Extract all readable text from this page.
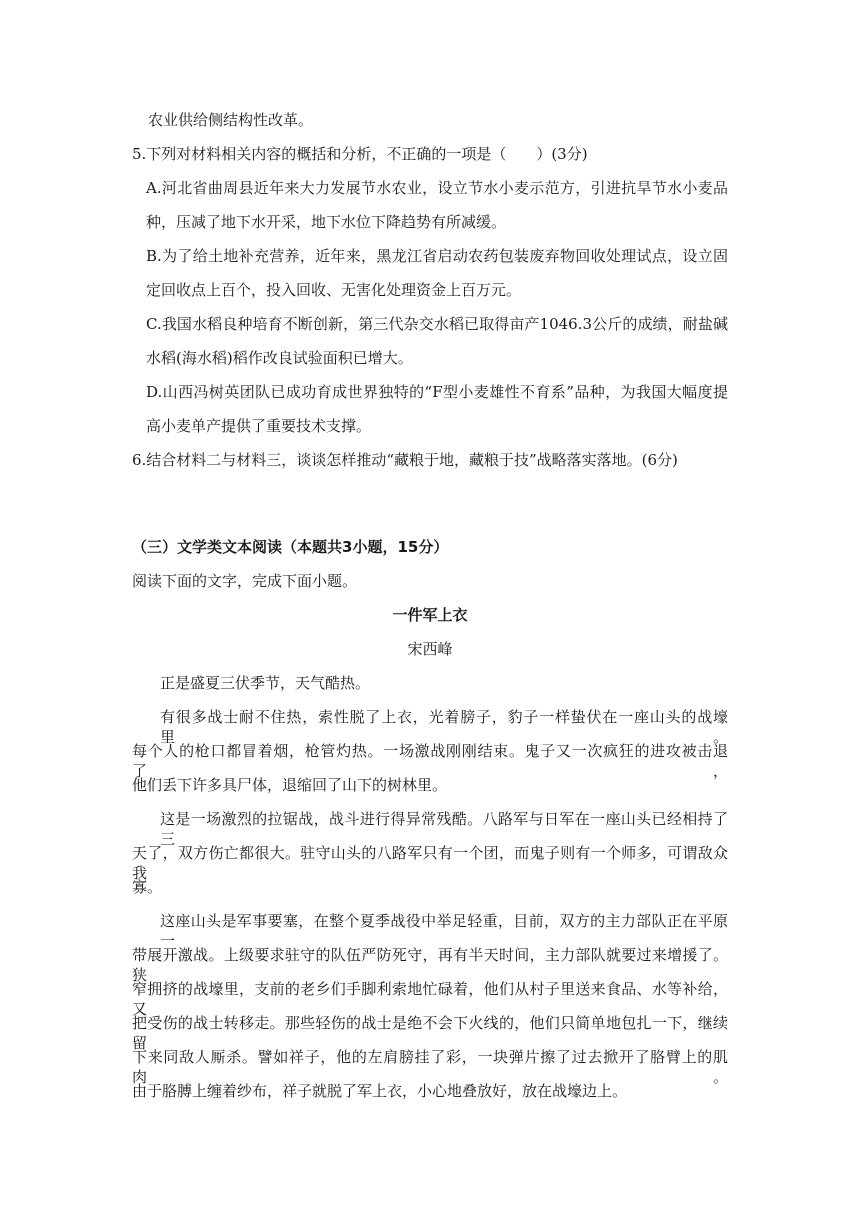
农业供给侧结构性改革。
5.下列对材料相关内容的概括和分析，不正确的一项是（　　）(3分)
A.河北省曲周县近年来大力发展节水农业，设立节水小麦示范方，引进抗旱节水小麦品
种，压减了地下水开采，地下水位下降趋势有所减缓。
B.为了给土地补充营养，近年来，黑龙江省启动农药包装废弃物回收处理试点，设立固
定回收点上百个，投入回收、无害化处理资金上百万元。
C.我国水稻良种培育不断创新，第三代杂交水稻已取得亩产1046.3公斤的成绩，耐盐碱
水稻(海水稻)稻作改良试验面积已增大。
D.山西冯树英团队已成功育成世界独特的“F型小麦雄性不育系”品种，为我国大幅度提
高小麦单产提供了重要技术支撑。
6.结合材料二与材料三，谈谈怎样推动“藏粮于地，藏粮于技”战略落实落地。(6分)
（三）文学类文本阅读（本题共3小题，15分）
阅读下面的文字，完成下面小题。
一件军上衣
宋西峰
正是盛夏三伏季节，天气酷热。
有很多战士耐不住热，索性脱了上衣，光着膀子，豹子一样蛰伏在一座山头的战壕里。
每个人的枪口都冒着烟，枪管灼热。一场激战刚刚结束。鬼子又一次疯狂的进攻被击退了，
他们丢下许多具尸体，退缩回了山下的树林里。
这是一场激烈的拉锯战，战斗进行得异常残酷。八路军与日军在一座山头已经相持了三
天了，双方伤亡都很大。驻守山头的八路军只有一个团，而鬼子则有一个师多，可谓敌众我
寡。
这座山头是军事要塞，在整个夏季战役中举足轻重，目前，双方的主力部队正在平原一
带展开激战。上级要求驻守的队伍严防死守，再有半天时间，主力部队就要过来增援了。狭
窄拥挤的战壕里，支前的老乡们手脚利索地忙碌着，他们从村子里送来食品、水等补给，又
把受伤的战士转移走。那些轻伤的战士是绝不会下火线的，他们只简单地包扎一下，继续留
下来同敌人厮杀。譬如祥子，他的左肩膀挂了彩，一块弹片擦了过去掀开了胳臂上的肌肉。
由于胳膊上缠着纱布，祥子就脱了军上衣，小心地叠放好，放在战壕边上。
